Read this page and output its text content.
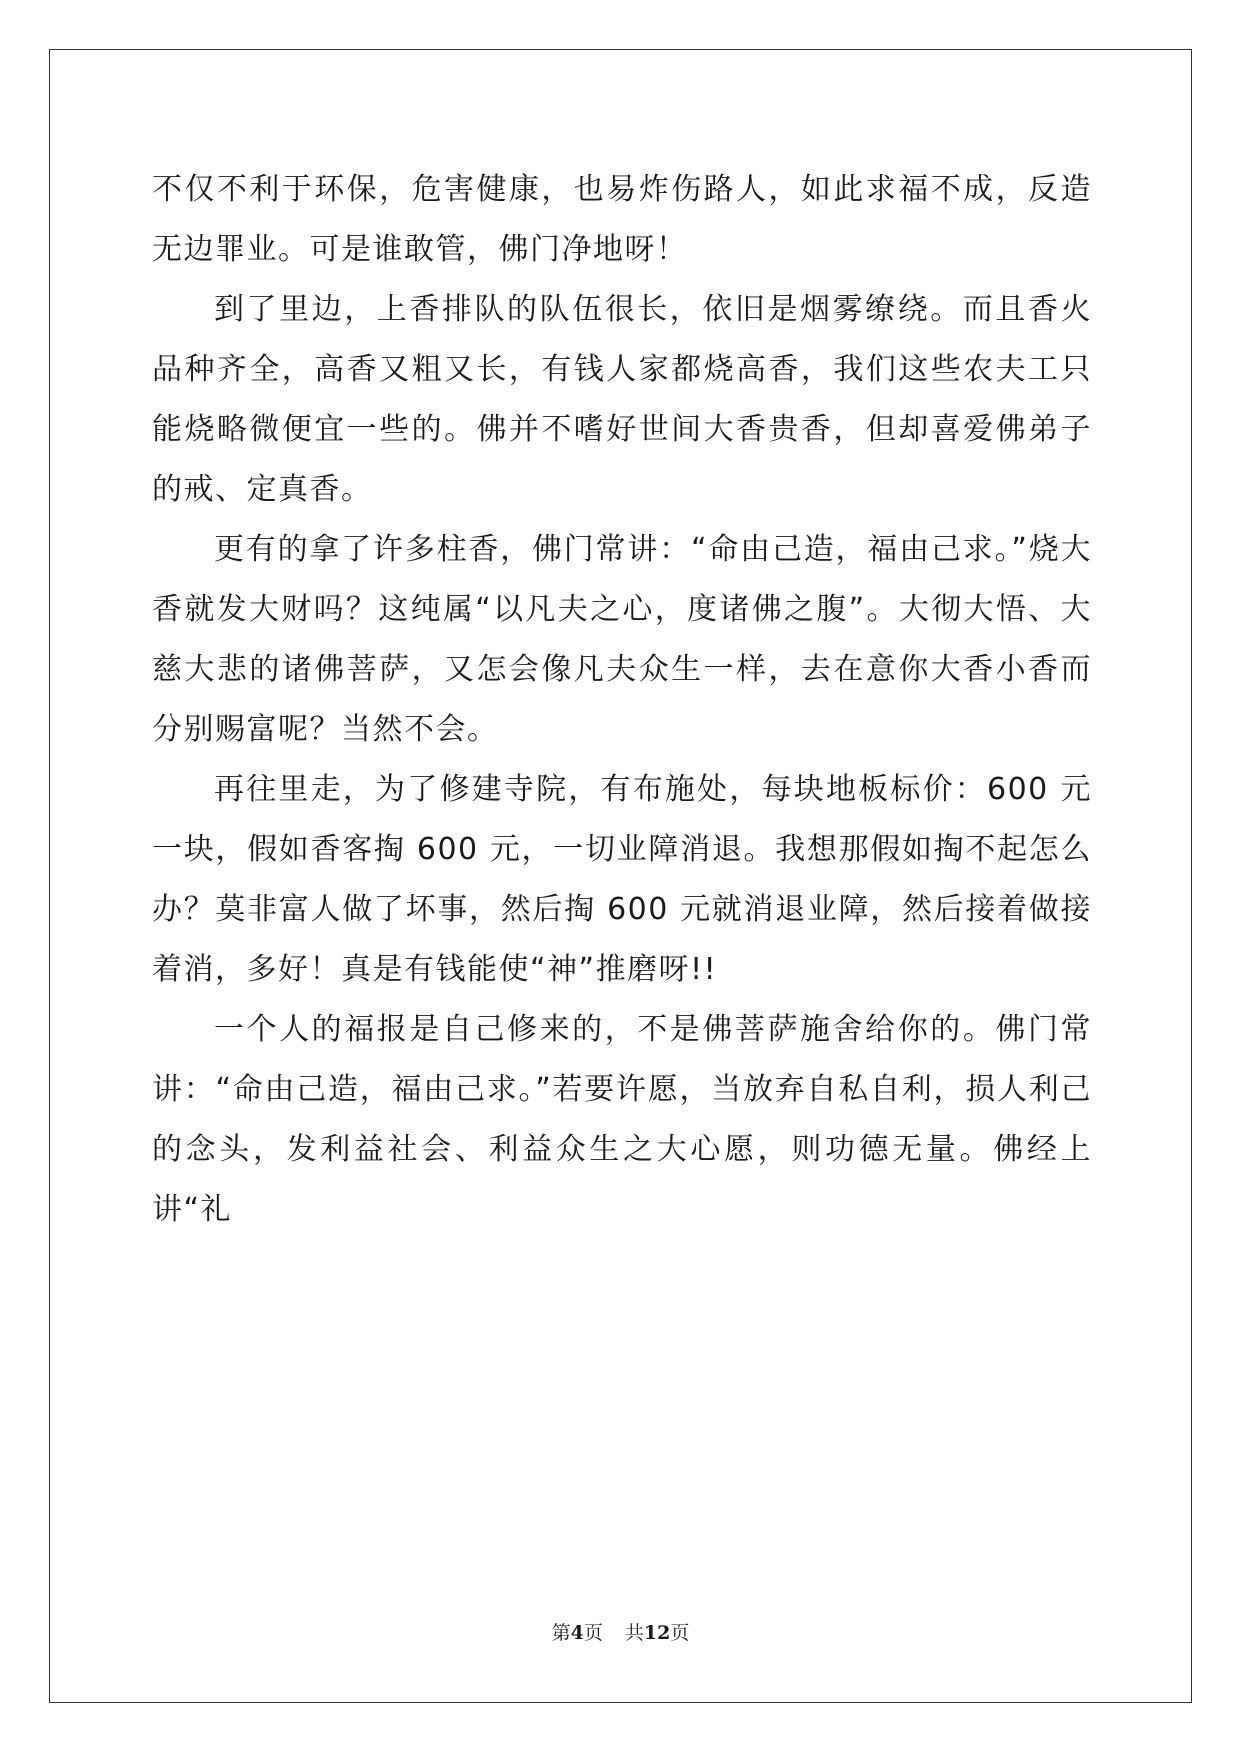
不仅不利于环保，危害健康，也易炸伤路人，如此求福不成，反造无边罪业。可是谁敢管，佛门净地呀！

到了里边，上香排队的队伍很长，依旧是烟雾缭绕。而且香火品种齐全，高香又粗又长，有钱人家都烧高香，我们这些农夫工只能烧略微便宜一些的。佛并不嗜好世间大香贵香，但却喜爱佛弟子的戒、定真香。

更有的拿了许多柱香，佛门常讲：“命由己造，福由己求。”烧大香就发大财吗？这纯属“以凡夫之心，度诸佛之腹”。大彻大悟、大慈大悲的诸佛菩萨，又怎会像凡夫众生一样，去在意你大香小香而分别赐富呢？当然不会。

再往里走，为了修建寺院，有布施处，每块地板标价：600 元一块，假如香客掏 600 元，一切业障消退。我想那假如掏不起怎么办？莫非富人做了坏事，然后掏 600 元就消退业障，然后接着做接着消，多好！真是有钱能使“神”推磨呀!!

一个人的福报是自己修来的，不是佛菩萨施舍给你的。佛门常讲：“命由己造，福由己求。”若要许愿，当放弃自私自利，损人利己的念头，发利益社会、利益众生之大心愿，则功德无量。佛经上讲“礼

第4页 共12页
